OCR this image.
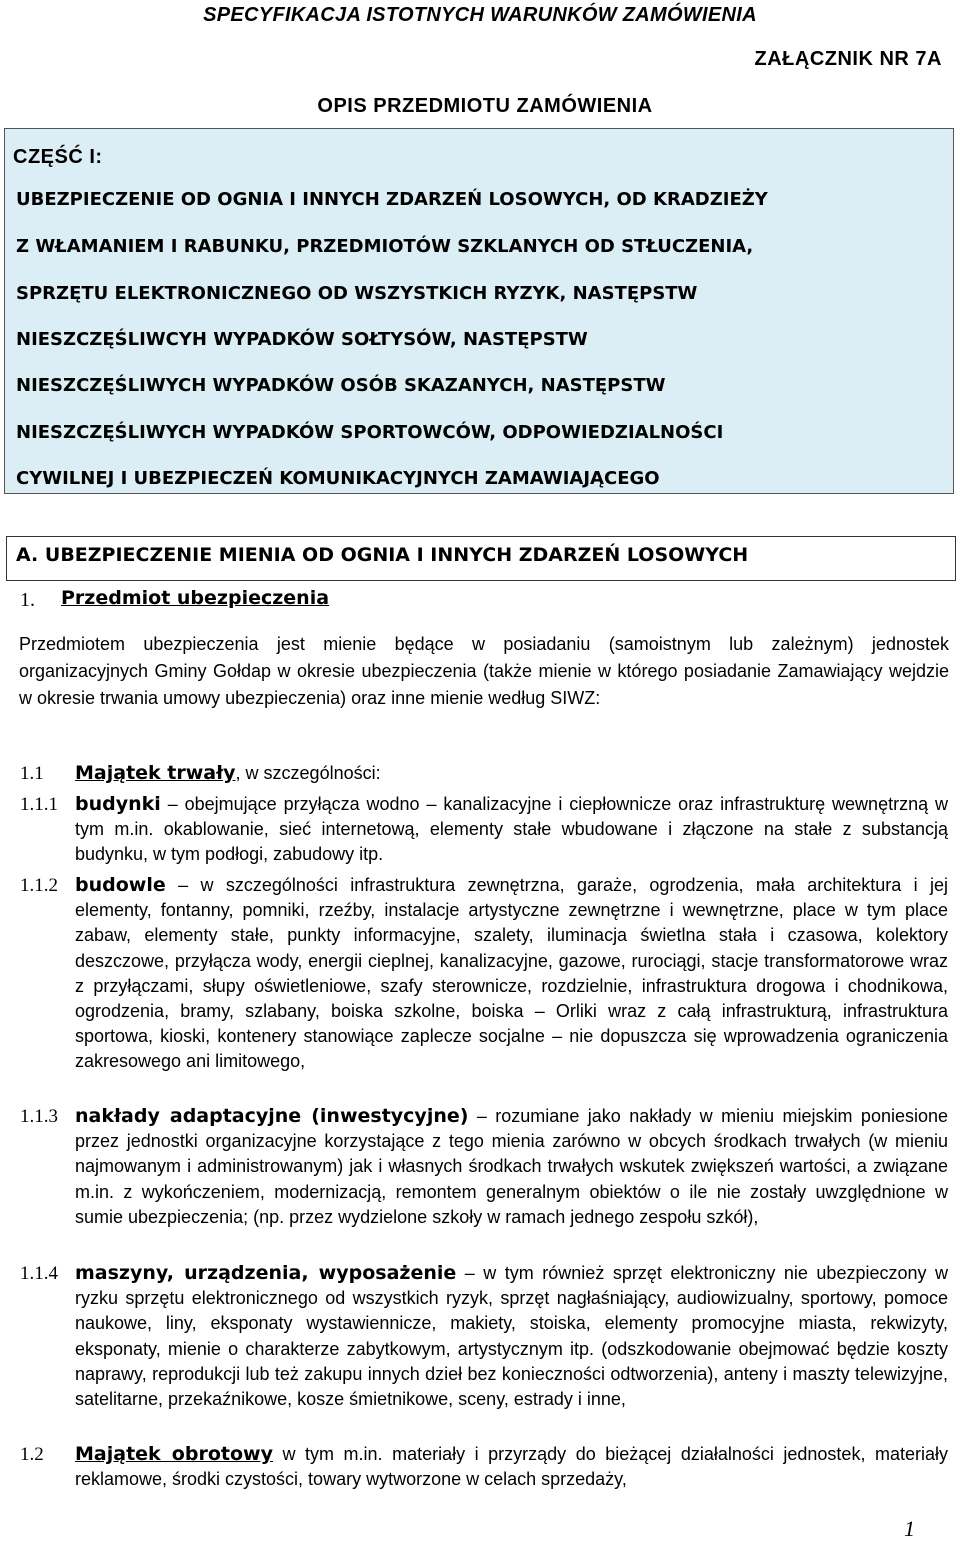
SPECYFIKACJA ISTOTNYCH WARUNKÓW ZAMÓWIENIA
ZAŁĄCZNIK NR 7A
OPIS PRZEDMIOTU ZAMÓWIENIA
CZĘŚĆ I:
UBEZPIECZENIE OD OGNIA I INNYCH ZDARZEŃ LOSOWYCH, OD KRADZIEŻY
Z WŁAMANIEM I RABUNKU, PRZEDMIOTÓW SZKLANYCH OD STŁUCZENIA,
SPRZĘTU ELEKTRONICZNEGO OD WSZYSTKICH RYZYK, NASTĘPSTW
NIESZCZĘŚLIWCYH WYPADKÓW SOŁTYSÓW, NASTĘPSTW
NIESZCZĘŚLIWYCH WYPADKÓW OSÓB SKAZANYCH, NASTĘPSTW
NIESZCZĘŚLIWYCH WYPADKÓW SPORTOWCÓW, ODPOWIEDZIALNOŚCI
CYWILNEJ I UBEZPIECZEŃ KOMUNIKACYJNYCH ZAMAWIAJĄCEGO
A. UBEZPIECZENIE MIENIA OD OGNIA I INNYCH ZDARZEŃ LOSOWYCH
1. Przedmiot ubezpieczenia
Przedmiotem ubezpieczenia jest mienie będące w posiadaniu (samoistnym lub zależnym) jednostek organizacyjnych Gminy Gołdap w okresie ubezpieczenia (także mienie w którego posiadanie Zamawiający wejdzie w okresie trwania umowy ubezpieczenia) oraz inne mienie według SIWZ:
1.1 Majątek trwały, w szczególności:
1.1.1 budynki – obejmujące przyłącza wodno – kanalizacyjne i ciepłownicze oraz infrastrukturę wewnętrzną w tym m.in. okablowanie, sieć internetową, elementy stałe wbudowane i złączone na stałe z substancją budynku, w tym podłogi, zabudowy itp.
1.1.2 budowle – w szczególności infrastruktura zewnętrzna, garaże, ogrodzenia, mała architektura i jej elementy, fontanny, pomniki, rzeźby, instalacje artystyczne zewnętrzne i wewnętrzne, place w tym place zabaw, elementy stałe, punkty informacyjne, szalety, iluminacja świetlna stała i czasowa, kolektory deszczowe, przyłącza wody, energii cieplnej, kanalizacyjne, gazowe, rurociągi, stacje transformatorowe wraz z przyłączami, słupy oświetleniowe, szafy sterownicze, rozdzielnie, infrastruktura drogowa i chodnikowa, ogrodzenia, bramy, szlabany, boiska szkolne, boiska – Orliki wraz z całą infrastrukturą, infrastruktura sportowa, kioski, kontenery stanowiące zaplecze socjalne – nie dopuszcza się wprowadzenia ograniczenia zakresowego ani limitowego,
1.1.3 nakłady adaptacyjne (inwestycyjne) – rozumiane jako nakłady w mieniu miejskim poniesione przez jednostki organizacyjne korzystające z tego mienia zarówno w obcych środkach trwałych (w mieniu najmowanym i administrowanym) jak i własnych środkach trwałych wskutek zwiększeń wartości, a związane m.in. z wykończeniem, modernizacją, remontem generalnym obiektów o ile nie zostały uwzględnione w sumie ubezpieczenia; (np. przez wydzielone szkoły w ramach jednego zespołu szkół),
1.1.4 maszyny, urządzenia, wyposażenie – w tym również sprzęt elektroniczny nie ubezpieczony w ryzku sprzętu elektronicznego od wszystkich ryzyk, sprzęt nagłaśniający, audiowizualny, sportowy, pomoce naukowe, liny, eksponaty wystawiennicze, makiety, stoiska, elementy promocyjne miasta, rekwizyty, eksponaty, mienie o charakterze zabytkowym, artystycznym itp. (odszkodowanie obejmować będzie koszty naprawy, reprodukcji lub też zakupu innych dzieł bez konieczności odtworzenia), anteny i maszty telewizyjne, satelitarne, przekaźnikowe, kosze śmietnikowe, sceny, estrady i inne,
1.2 Majątek obrotowy w tym m.in. materiały i przyrządy do bieżącej działalności jednostek, materiały reklamowe, środki czystości, towary wytworzone w celach sprzedaży,
1
